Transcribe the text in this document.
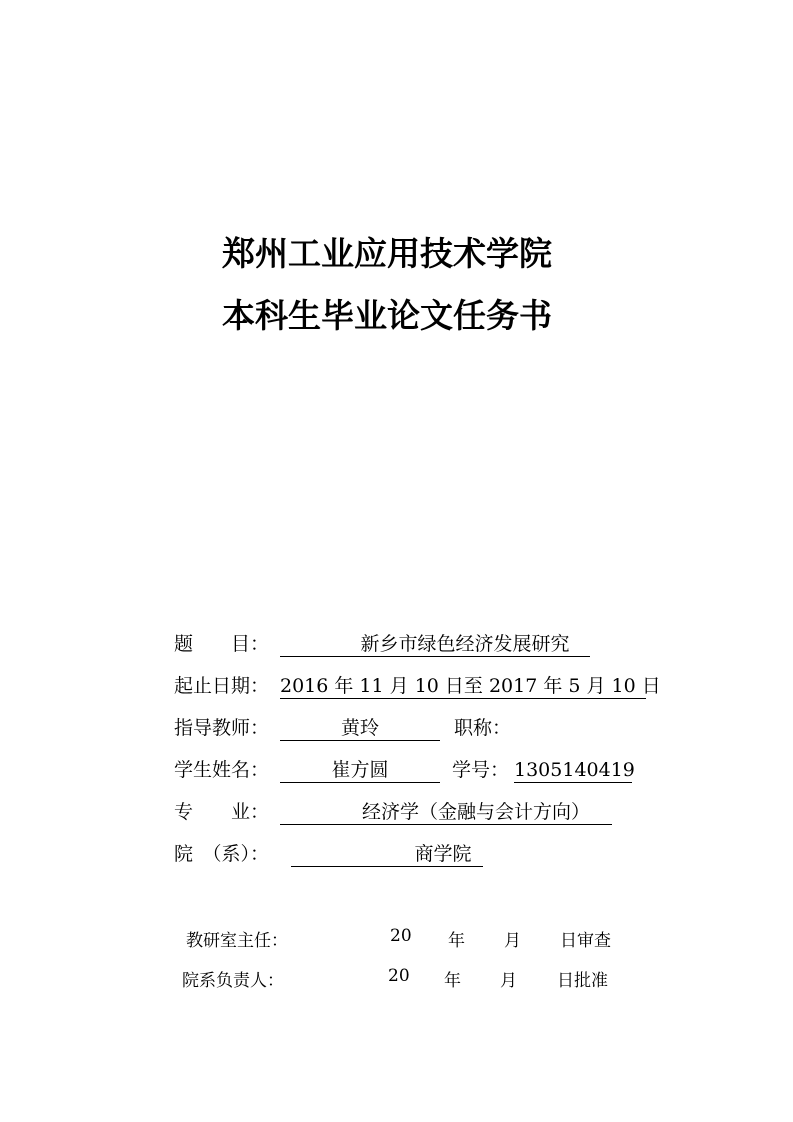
郑州工业应用技术学院
本科生毕业论文任务书
题　　目：	新乡市绿色经济发展研究
起止日期： 2016 年 11 月 10 日至 2017 年 5 月 10 日
指导教师：	黄玲	职称：
学生姓名：	崔方圆	学号： 1305140419
专　　业：	经济学（金融与会计方向）
院　（系）：	商学院
教研室主任：	20 年 月 日审查
院系负责人：	20 年 月 日批准
